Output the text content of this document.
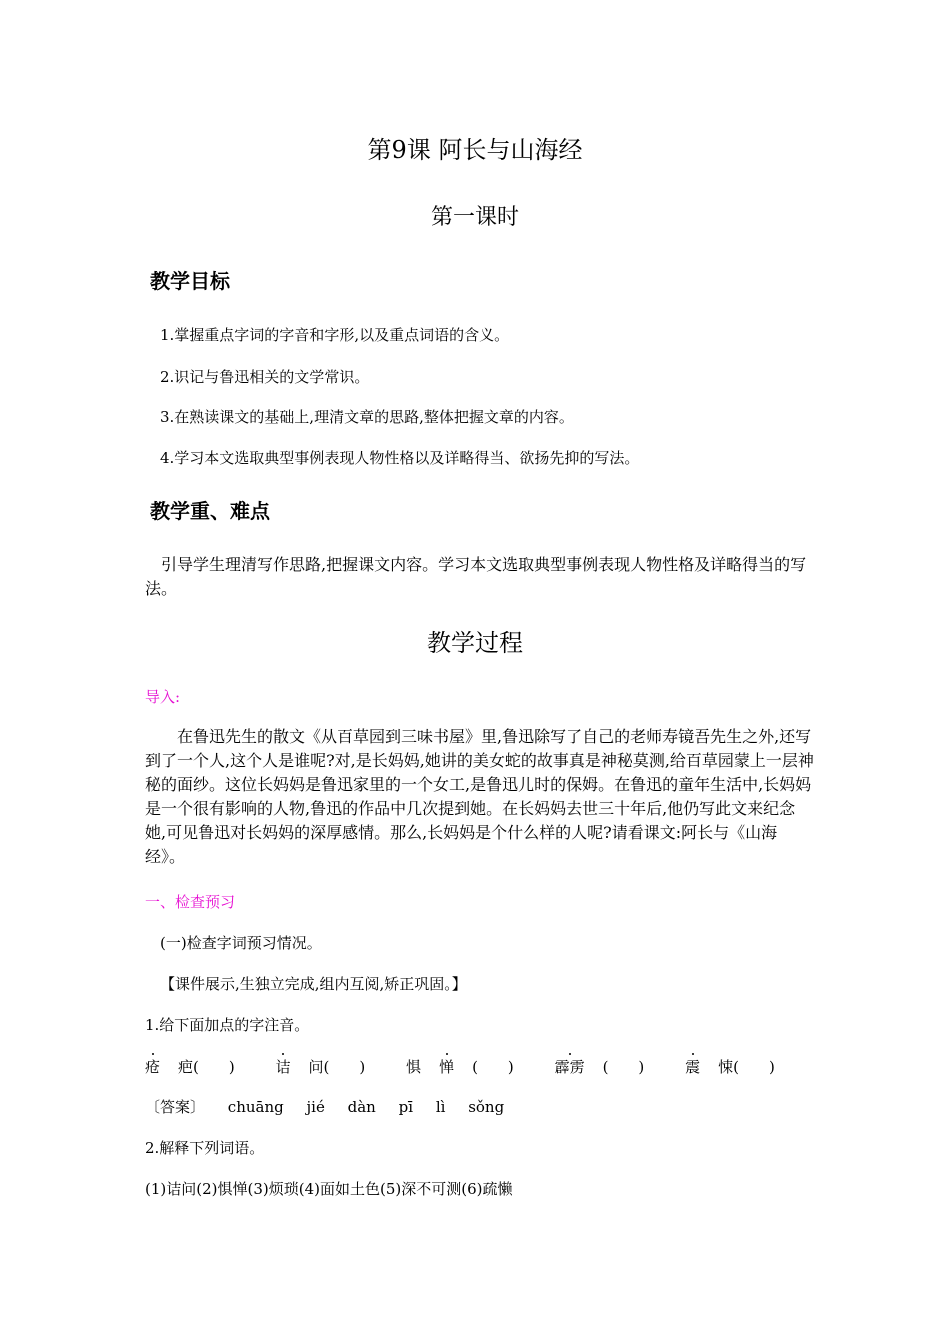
第9课 阿长与山海经
第一课时
教学目标
1.掌握重点字词的字音和字形,以及重点词语的含义。
2.识记与鲁迅相关的文学常识。
3.在熟读课文的基础上,理清文章的思路,整体把握文章的内容。
4.学习本文选取典型事例表现人物性格以及详略得当、欲扬先抑的写法。
教学重、难点
引导学生理清写作思路,把握课文内容。学习本文选取典型事例表现人物性格及详略得当的写法。
教学过程
导入:
在鲁迅先生的散文《从百草园到三味书屋》里,鲁迅除写了自己的老师寿镜吾先生之外,还写到了一个人,这个人是谁呢?对,是长妈妈,她讲的美女蛇的故事真是神秘莫测,给百草园蒙上一层神秘的面纱。这位长妈妈是鲁迅家里的一个女工,是鲁迅儿时的保姆。在鲁迅的童年生活中,长妈妈是一个很有影响的人物,鲁迅的作品中几次提到她。在长妈妈去世三十年后,他仍写此文来纪念她,可见鲁迅对长妈妈的深厚感情。那么,长妈妈是个什么样的人呢?请看课文:阿长与《山海经》。
一、检查预习
(一)检查字词预习情况。
【课件展示,生独立完成,组内互阅,矫正巩固。】
1.给下面加点的字注音。
疮 疤(　　)	诘 问(　　)	惧 惮 (　　)	霹雳 (　　)	震 悚(　　)
〔答案〕 chuāng jié dàn pī lì sǒng
2.解释下列词语。
(1)诘问(2)惧惮(3)烦琐(4)面如土色(5)深不可测(6)疏懒
